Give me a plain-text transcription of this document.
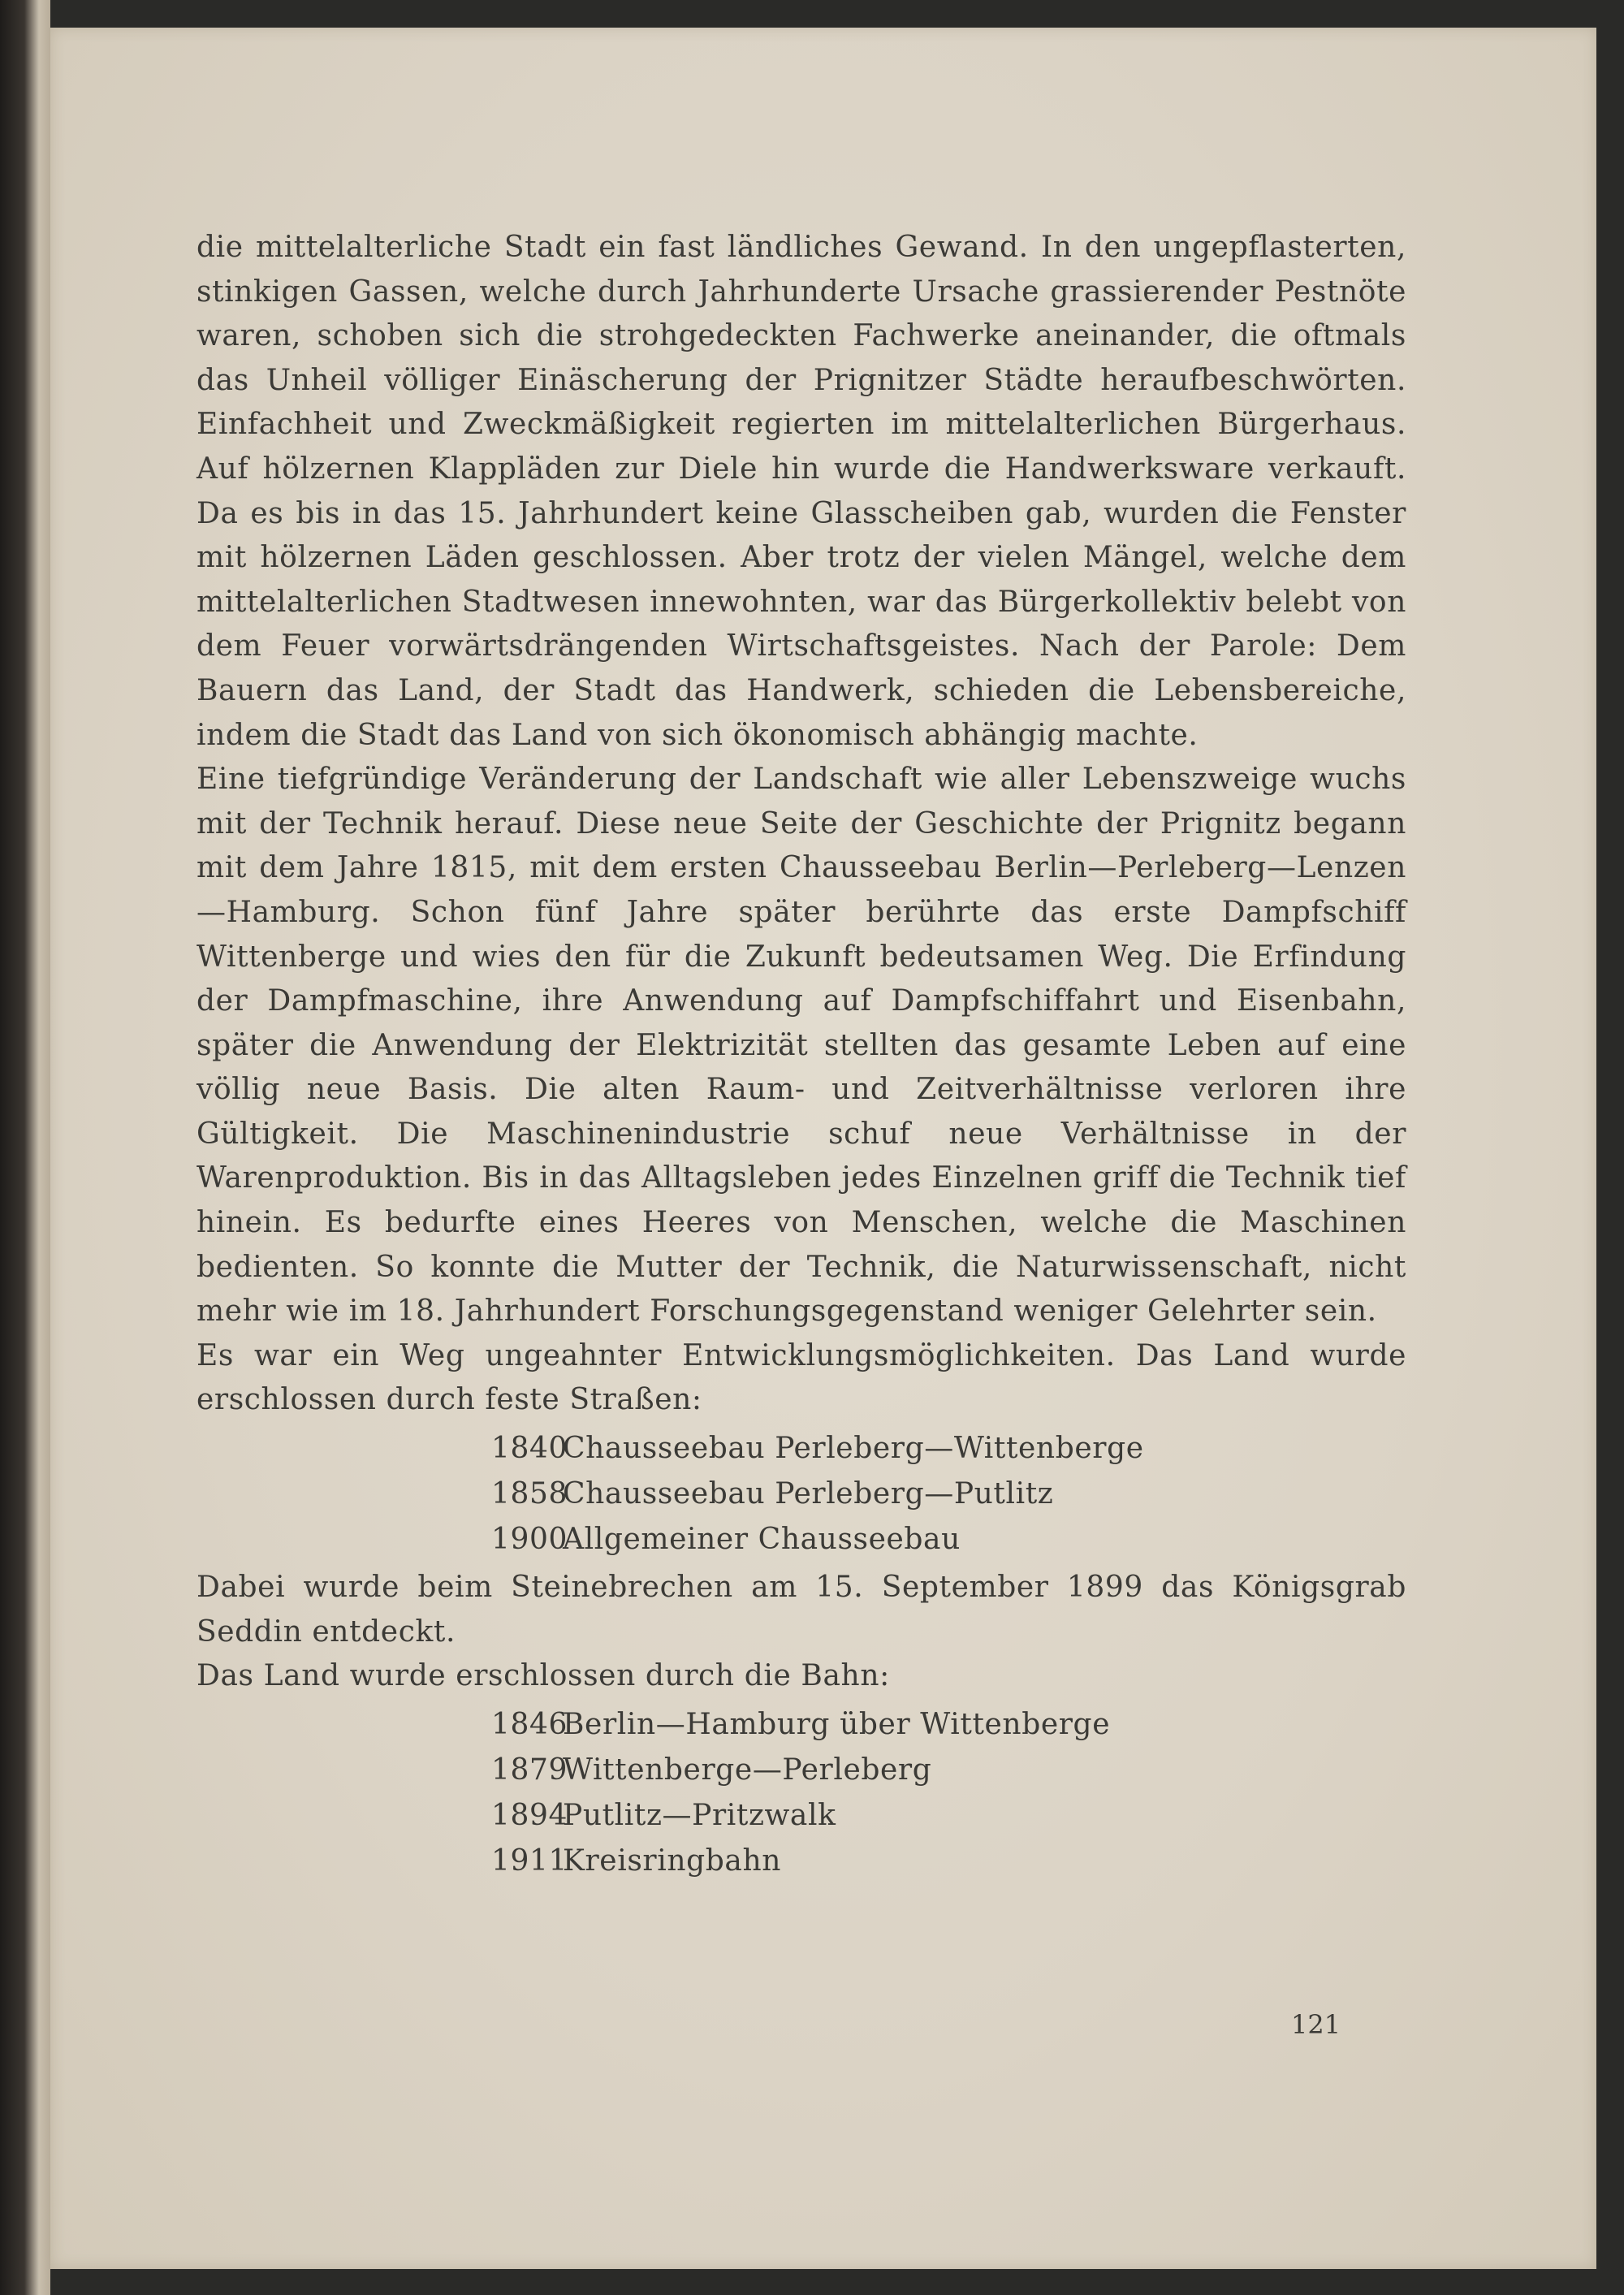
die mittelalterliche Stadt ein fast ländliches Gewand. In den ungepflasterten, stinkigen Gassen, welche durch Jahrhunderte Ursache grassierender Pestnöte waren, schoben sich die strohgedeckten Fachwerke aneinander, die oftmals das Unheil völliger Einäscherung der Prignitzer Städte heraufbeschwörten. Einfachheit und Zweckmäßigkeit regierten im mittelalterlichen Bürgerhaus. Auf hölzernen Klappläden zur Diele hin wurde die Handwerksware verkauft. Da es bis in das 15. Jahrhundert keine Glasscheiben gab, wurden die Fenster mit hölzernen Läden geschlossen. Aber trotz der vielen Mängel, welche dem mittelalterlichen Stadtwesen innewohnten, war das Bürgerkollektiv belebt von dem Feuer vorwärtsdrängenden Wirtschaftsgeistes. Nach der Parole: Dem Bauern das Land, der Stadt das Handwerk, schieden die Lebensbereiche, indem die Stadt das Land von sich ökonomisch abhängig machte.

Eine tiefgründige Veränderung der Landschaft wie aller Lebenszweige wuchs mit der Technik herauf. Diese neue Seite der Geschichte der Prignitz begann mit dem Jahre 1815, mit dem ersten Chausseebau Berlin—Perleberg—Lenzen—Hamburg. Schon fünf Jahre später berührte das erste Dampfschiff Wittenberge und wies den für die Zukunft bedeutsamen Weg. Die Erfindung der Dampfmaschine, ihre Anwendung auf Dampfschiffahrt und Eisenbahn, später die Anwendung der Elektrizität stellten das gesamte Leben auf eine völlig neue Basis. Die alten Raum- und Zeitverhältnisse verloren ihre Gültigkeit. Die Maschinenindustrie schuf neue Verhältnisse in der Warenproduktion. Bis in das Alltagsleben jedes Einzelnen griff die Technik tief hinein. Es bedurfte eines Heeres von Menschen, welche die Maschinen bedienten. So konnte die Mutter der Technik, die Naturwissenschaft, nicht mehr wie im 18. Jahrhundert Forschungsgegenstand weniger Gelehrter sein.

Es war ein Weg ungeahnter Entwicklungsmöglichkeiten. Das Land wurde erschlossen durch feste Straßen:

1840
Chausseebau Perleberg—Wittenberge
1858
Chausseebau Perleberg—Putlitz
1900
Allgemeiner Chausseebau

Dabei wurde beim Steinebrechen am 15. September 1899 das Königsgrab Seddin entdeckt.

Das Land wurde erschlossen durch die Bahn:

1846
Berlin—Hamburg über Wittenberge
1879
Wittenberge—Perleberg
1894
Putlitz—Pritzwalk
1911
Kreisringbahn
121
